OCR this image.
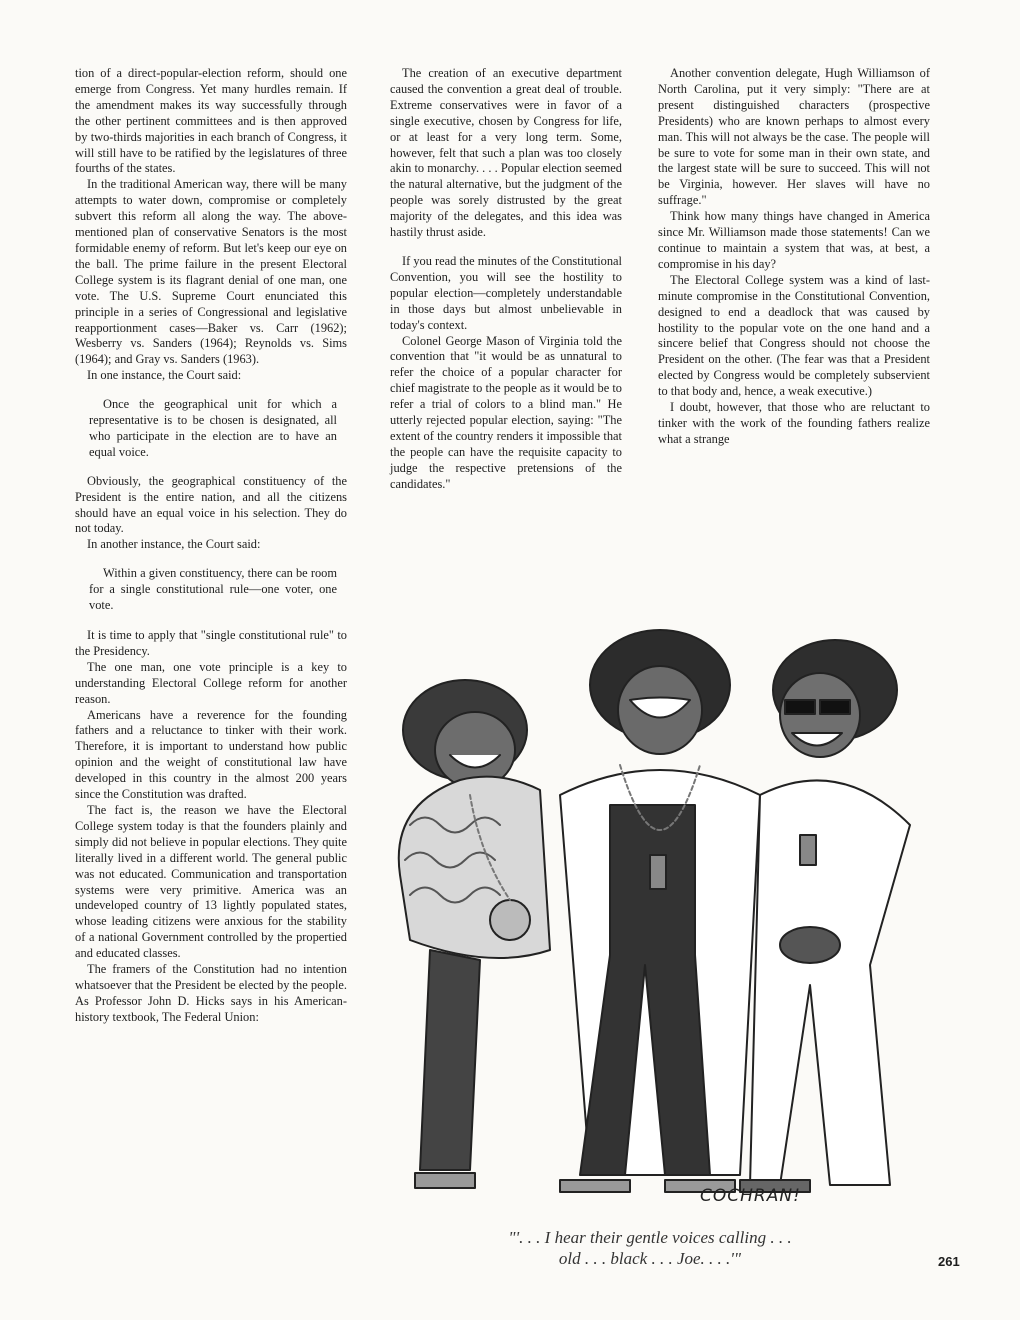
tion of a direct-popular-election reform, should one emerge from Congress. Yet many hurdles remain. If the amendment makes its way successfully through the other pertinent committees and is then approved by two-thirds majorities in each branch of Congress, it will still have to be ratified by the legislatures of three fourths of the states.

In the traditional American way, there will be many attempts to water down, compromise or completely subvert this reform all along the way. The above-mentioned plan of conservative Senators is the most formidable enemy of reform. But let's keep our eye on the ball. The prime failure in the present Electoral College system is its flagrant denial of one man, one vote. The U.S. Supreme Court enunciated this principle in a series of Congressional and legislative reapportionment cases—Baker vs. Carr (1962); Wesberry vs. Sanders (1964); Reynolds vs. Sims (1964); and Gray vs. Sanders (1963).

In one instance, the Court said:

Once the geographical unit for which a representative is to be chosen is designated, all who participate in the election are to have an equal voice.

Obviously, the geographical constituency of the President is the entire nation, and all the citizens should have an equal voice in his selection. They do not today.

In another instance, the Court said:

Within a given constituency, there can be room for a single constitutional rule—one voter, one vote.

It is time to apply that "single constitutional rule" to the Presidency.

The one man, one vote principle is a key to understanding Electoral College reform for another reason.

Americans have a reverence for the founding fathers and a reluctance to tinker with their work. Therefore, it is important to understand how public opinion and the weight of constitutional law have developed in this country in the almost 200 years since the Constitution was drafted.

The fact is, the reason we have the Electoral College system today is that the founders plainly and simply did not believe in popular elections. They quite literally lived in a different world. The general public was not educated. Communication and transportation systems were very primitive. America was an undeveloped country of 13 lightly populated states, whose leading citizens were anxious for the stability of a national Government controlled by the propertied and educated classes.

The framers of the Constitution had no intention whatsoever that the President be elected by the people. As Professor John D. Hicks says in his American-history textbook, The Federal Union:

The creation of an executive department caused the convention a great deal of trouble. Extreme conservatives were in favor of a single executive, chosen by Congress for life, or at least for a very long term. Some, however, felt that such a plan was too closely akin to monarchy. . . . Popular election seemed the natural alternative, but the judgment of the people was sorely distrusted by the great majority of the delegates, and this idea was hastily thrust aside.

If you read the minutes of the Constitutional Convention, you will see the hostility to popular election—completely understandable in those days but almost unbelievable in today's context.

Colonel George Mason of Virginia told the convention that "it would be as unnatural to refer the choice of a popular character for chief magistrate to the people as it would be to refer a trial of colors to a blind man." He utterly rejected popular election, saying: "The extent of the country renders it impossible that the people can have the requisite capacity to judge the respective pretensions of the candidates."

Another convention delegate, Hugh Williamson of North Carolina, put it very simply: "There are at present distinguished characters (prospective Presidents) who are known perhaps to almost every man. This will not always be the case. The people will be sure to vote for some man in their own state, and the largest state will be sure to succeed. This will not be Virginia, however. Her slaves will have no suffrage."

Think how many things have changed in America since Mr. Williamson made those statements! Can we continue to maintain a system that was, at best, a compromise in his day?

The Electoral College system was a kind of last-minute compromise in the Constitutional Convention, designed to end a deadlock that was caused by hostility to the popular vote on the one hand and a sincere belief that Congress should not choose the President on the other. (The fear was that a President elected by Congress would be completely subservient to that body and, hence, a weak executive.)

I doubt, however, that those who are reluctant to tinker with the work of the founding fathers realize what a strange

COCHRAN!
"'. . . I hear their gentle voices calling . . .
old . . . black . . . Joe. . . .'"	261
